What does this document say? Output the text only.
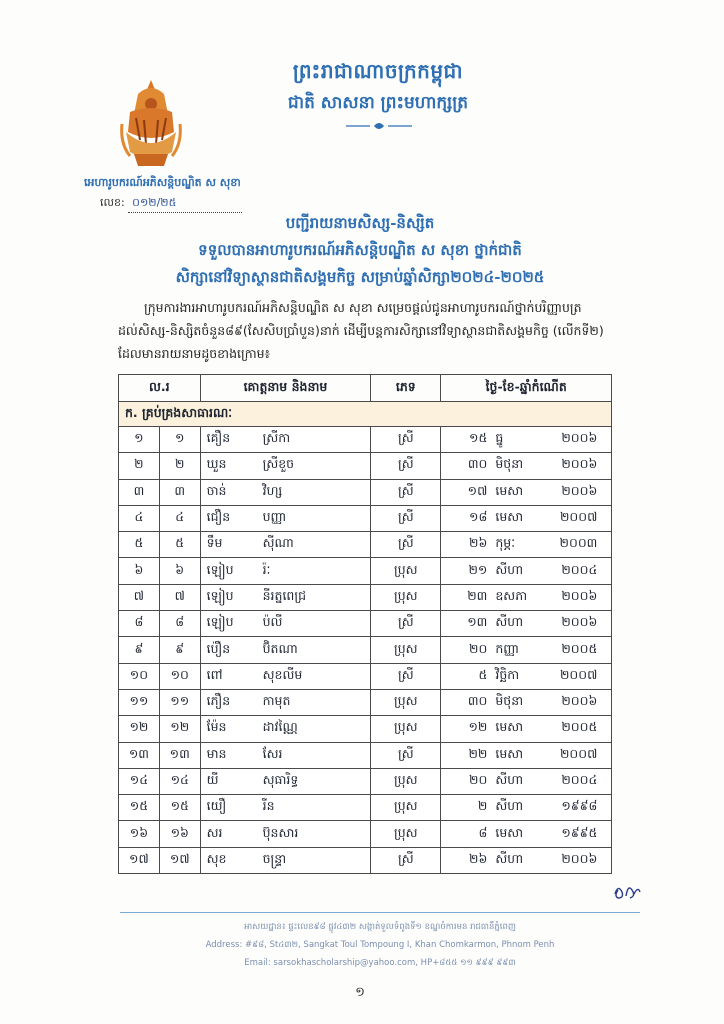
ព្រះរាជាណាចក្រកម្ពុជា
ជាតិ សាសនា ព្រះមហាក្សត្រ
អេហារូបករណ៍អភិសន្តិបណ្ឌិត ស សុខា
លេខ: ០១២/២៥
បញ្ជីរាយនាមសិស្ស-និស្សិត
ទទួលបានអាហារូបករណ៍អភិសន្តិបណ្ឌិត ស សុខា ថ្នាក់ជាតិ
សិក្សានៅវិទ្យាស្ថានជាតិសង្គមកិច្ច សម្រាប់ឆ្នាំសិក្សា២០២៤-២០២៥
ក្រុមការងារអាហារូបករណ៍អភិសន្តិបណ្ឌិត ស សុខា សម្រេចផ្តល់ជូនអាហារូបករណ៍ថ្នាក់បរិញ្ញាបត្រ
ដល់សិស្ស-និស្សិតចំនួន៨៩(សែសិបប្រាំបួន)នាក់ ដើម្បីបន្តការសិក្សានៅវិទ្យាស្ថានជាតិសង្គមកិច្ច (លើកទី២)
ដែលមានរាយនាមដូចខាងក្រោម៖
ល.រ		គោត្តនាម និងនាម	ភេទ	ថ្ងៃ-ខែ-ឆ្នាំកំណើត
ក. គ្រប់គ្រងសាធារណៈ				
១	១	គឿន ស្រីកា	ស្រី	១៥ ធ្នូ ២០០៦
២	២	ឃួន ស្រីខួច	ស្រី	៣០ មិថុនា ២០០៦
៣	៣	ចាន់ វិហ្ស	ស្រី	១៧ មេសា ២០០៦
៤	៤	ជឿន បញ្ញា	ស្រី	១៨ មេសា ២០០៧
៥	៥	ទឹម ស៊ីណា	ស្រី	២៦ កុម្ភៈ ២០០៣
៦	៦	ឡៀប រ៉ៈ	ប្រុស	២១ សីហា ២០០៤
៧	៧	ឡៀប នីរត្នពេជ្រ	ប្រុស	២៣ ឧសភា ២០០៦
៨	៨	ឡៀប ប៉លី	ស្រី	១៣ សីហា ២០០៦
៩	៩	ប៉ឿន ប៊ិតណា	ប្រុស	២០ កញ្ញា ២០០៥
១០	១០	ពៅ សុខលីម	ស្រី	៥ វិច្ឆិកា ២០០៧
១១	១១	ភឿន កាមុត	ប្រុស	៣០ មិថុនា ២០០៦
១២	១២	ម៉ែន ដាវណ្ណៃ	ប្រុស	១២ មេសា ២០០៥
១៣	១៣	មាន សែរ	ស្រី	២២ មេសា ២០០៧
១៤	១៤	យី សុធារិទ្ធ	ប្រុស	២០ សីហា ២០០៤
១៥	១៥	យឿ រីន	ប្រុស	២ សីហា ១៩៩៨
១៦	១៦	សរ ប៊ុនសារ	ប្រុស	៨ មេសា ១៩៩៥
១៧	១៧	សុខ ចន្ទ្រា	ស្រី	២៦ សីហា ២០០៦
អាសយដ្ឋាន៖ ផ្ទះលេខ៩៨ ផ្លូវ៤៣២ សង្កាត់ទួលទំពូងទី១ ខណ្ឌចំការមន រាជធានីភ្នំពេញ
Address: #៩៨, St៤៣២, Sangkat Toul Tompoung I, Khan Chomkarmon, Phnom Penh
Email: sarsokhascholarship@yahoo.com, HP+៨៥៥ ១១ ៩៩៩ ៩៩៣
១
